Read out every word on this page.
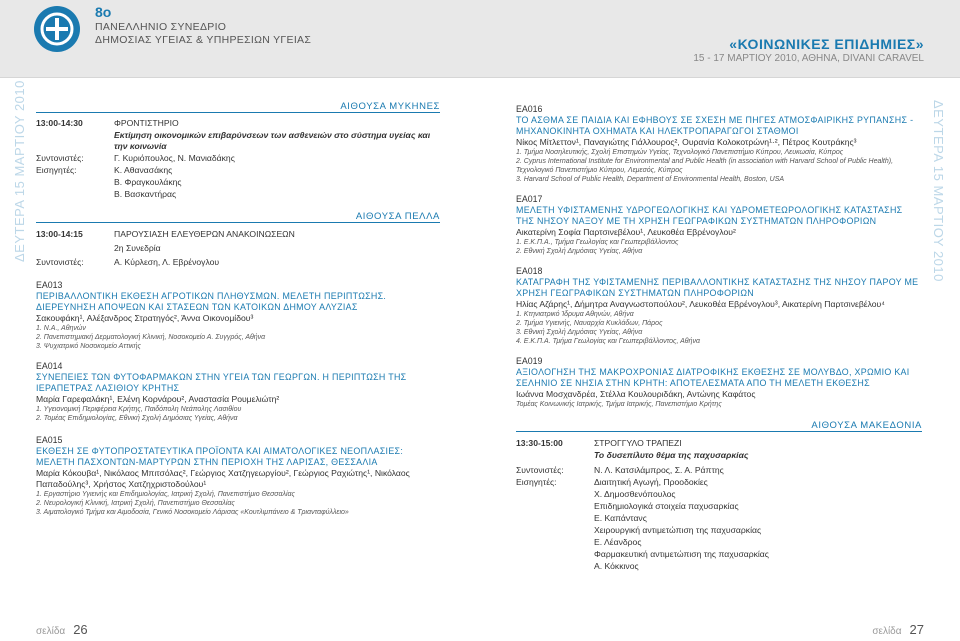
8ο
ΠΑΝΕΛΛΗΝΙΟ ΣΥΝΕΔΡΙΟ
ΔΗΜΟΣΙΑΣ ΥΓΕΙΑΣ & ΥΠΗΡΕΣΙΩΝ ΥΓΕΙΑΣ	«ΚΟΙΝΩΝΙΚΕΣ ΕΠΙΔΗΜΙΕΣ»
15 - 17 ΜΑΡΤΙΟΥ 2010, ΑΘΗΝΑ, DIVANI CARAVEL
ΔΕΥΤΕΡΑ 15 ΜΑΡΤΙΟΥ 2010	ΔΕΥΤΕΡΑ 15 ΜΑΡΤΙΟΥ 2010
ΑΙΘΟΥΣΑ ΜΥΚΗΝΕΣ
13:00-14:30	ΦΡΟΝΤΙΣΤΗΡΙΟ
Εκτίμηση οικονομικών επιβαρύνσεων των ασθενειών στο σύστημα υγείας και την κοινωνία
Συντονιστές:	Γ. Κυριόπουλος, Ν. Μανιαδάκης
Εισηγητές:	Κ. Αθανασάκης
Β. Φραγκουλάκης
Β. Βασκαντήρας
ΑΙΘΟΥΣΑ ΠΕΛΛΑ
13:00-14:15	ΠΑΡΟΥΣΙΑΣΗ ΕΛΕΥΘΕΡΩΝ ΑΝΑΚΟΙΝΩΣΕΩΝ
2η Συνεδρία
Συντονιστές:	Α. Κύρλεση, Λ. Εβρένογλου
ΕΑ013
ΠΕΡΙΒΑΛΛΟΝΤΙΚΗ ΕΚΘΕΣΗ ΑΓΡΟΤΙΚΩΝ ΠΛΗΘΥΣΜΩΝ. ΜΕΛΕΤΗ ΠΕΡΙΠΤΩΣΗΣ. ΔΙΕΡΕΥΝΗΣΗ ΑΠΟΨΕΩΝ ΚΑΙ ΣΤΑΣΕΩΝ ΤΩΝ ΚΑΤΟΙΚΩΝ ΔΗΜΟΥ ΑΛΥΖΙΑΣ
Σακουφάκη¹, Αλέξανδρος Στρατηγός², Άννα Οικονομίδου³
1. Ν.Α., Αθηνών
2. Πανεπιστημιακή Δερματολογική Κλινική, Νοσοκομείο Α. Συγγρός, Αθήνα
3. Ψυχιατρικό Νοσοκομείο Αττικής
ΕΑ014
ΣΥΝΕΠΕΙΕΣ ΤΩΝ ΦΥΤΟΦΑΡΜΑΚΩΝ ΣΤΗΝ ΥΓΕΙΑ ΤΩΝ ΓΕΩΡΓΩΝ. Η ΠΕΡΙΠΤΩΣΗ ΤΗΣ ΙΕΡΑΠΕΤΡΑΣ ΛΑΣΙΘΙΟΥ ΚΡΗΤΗΣ
Μαρία Γαρεφαλάκη¹, Ελένη Κορνάρου², Αναστασία Ρουμελιώτη²
1. Υγειονομική Περιφέρεια Κρήτης, Παιδόπολη Νεάπολης Λασιθίου
2. Τομέας Επιδημιολογίας, Εθνική Σχολή Δημόσιας Υγείας, Αθήνα
ΕΑ015
ΕΚΘΕΣΗ ΣΕ ΦΥΤΟΠΡΟΣΤΑΤΕΥΤΙΚΑ ΠΡΟΪΟΝΤΑ ΚΑΙ ΑΙΜΑΤΟΛΟΓΙΚΕΣ ΝΕΟΠΛΑΣΙΕΣ: ΜΕΛΕΤΗ ΠΑΣΧΟΝΤΩΝ-ΜΑΡΤΥΡΩΝ ΣΤΗΝ ΠΕΡΙΟΧΗ ΤΗΣ ΛΑΡΙΣΑΣ, ΘΕΣΣΑΛΙΑ
Μαρία Κόκουβα¹, Νικόλαος Μπιτσόλας², Γεώργιος Χατζηγεωργίου², Γεώργιος Ραχιώτης¹, Νικόλαος Παπαδούλης³, Χρήστος Χατζηχριστοδούλου¹
1. Εργαστήριο Υγιεινής και Επιδημιολογίας, Ιατρική Σχολή, Πανεπιστήμιο Θεσσαλίας
2. Νευρολογική Κλινική, Ιατρική Σχολή, Πανεπιστήμιο Θεσσαλίας
3. Αιματολογικό Τμήμα και Αιμοδοσία, Γενικό Νοσοκομείο Λάρισας «Κουτλιμπάνειο & Τριανταφύλλειο»
ΕΑ016
ΤΟ ΑΣΘΜΑ ΣΕ ΠΑΙΔΙΑ ΚΑΙ ΕΦΗΒΟΥΣ ΣΕ ΣΧΕΣΗ ΜΕ ΠΗΓΕΣ ΑΤΜΟΣΦΑΙΡΙΚΗΣ ΡΥΠΑΝΣΗΣ - ΜΗΧΑΝΟΚΙΝΗΤΑ ΟΧΗΜΑΤΑ ΚΑΙ ΗΛΕΚΤΡΟΠΑΡΑΓΩΓΟΙ ΣΤΑΘΜΟΙ
Νίκος Μίτλεττον¹, Παναγιώτης Γιάλλουρος², Ουρανία Κολοκοτρώνη¹·², Πέτρος Κουτράκης³
1. Τμήμα Νοσηλευτικής, Σχολή Επιστημών Υγείας, Τεχνολογικό Πανεπιστήμιο Κύπρου, Λευκωσία, Κύπρος
2. Cyprus International Institute for Environmental and Public Health (in association with Harvard School of Public Health), Τεχνολογικό Πανεπιστήμιο Κύπρου, Λεμεσός, Κύπρος
3. Harvard School of Public Health, Department of Environmental Health, Boston, USA
ΕΑ017
ΜΕΛΕΤΗ ΥΦΙΣΤΑΜΕΝΗΣ ΥΔΡΟΓΕΩΛΟΓΙΚΗΣ ΚΑΙ ΥΔΡΟΜΕΤΕΩΡΟΛΟΓΙΚΗΣ ΚΑΤΑΣΤΑΣΗΣ ΤΗΣ ΝΗΣΟΥ ΝΑΞΟΥ ΜΕ ΤΗ ΧΡΗΣΗ ΓΕΩΓΡΑΦΙΚΩΝ ΣΥΣΤΗΜΑΤΩΝ ΠΛΗΡΟΦΟΡΙΩΝ
Αικατερίνη Σοφία Παρτσινεβέλου¹, Λευκοθέα Εβρένογλου²
1. Ε.Κ.Π.Α., Τμήμα Γεωλογίας και Γεωπεριβάλλοντος
2. Εθνική Σχολή Δημόσιας Υγείας, Αθήνα
ΕΑ018
ΚΑΤΑΓΡΑΦΗ ΤΗΣ ΥΦΙΣΤΑΜΕΝΗΣ ΠΕΡΙΒΑΛΛΟΝΤΙΚΗΣ ΚΑΤΑΣΤΑΣΗΣ ΤΗΣ ΝΗΣΟΥ ΠΑΡΟΥ ΜΕ ΧΡΗΣΗ ΓΕΩΓΡΑΦΙΚΩΝ ΣΥΣΤΗΜΑΤΩΝ ΠΛΗΡΟΦΟΡΙΩΝ
Ηλίας Αζάρης¹, Δήμητρα Αναγνωστοπούλου², Λευκοθέα Εβρένογλου³, Αικατερίνη Παρτσινεβέλου⁴
1. Κτηνιατρικό Ίδρυμα Αθηνών, Αθήνα
2. Τμήμα Υγιεινής, Ναυαρχία Κυκλάδων, Πάρος
3. Εθνική Σχολή Δημόσιας Υγείας, Αθήνα
4. Ε.Κ.Π.Α. Τμήμα Γεωλογίας και Γεωπεριβάλλοντος, Αθήνα
ΕΑ019
ΑΞΙΟΛΟΓΗΣΗ ΤΗΣ ΜΑΚΡΟΧΡΟΝΙΑΣ ΔΙΑΤΡΟΦΙΚΗΣ ΕΚΘΕΣΗΣ ΣΕ ΜΟΛΥΒΔΟ, ΧΡΩΜΙΟ ΚΑΙ ΣΕΛΗΝΙΟ ΣΕ ΝΗΣΙΑ ΣΤΗΝ ΚΡΗΤΗ: ΑΠΟΤΕΛΕΣΜΑΤΑ ΑΠΟ ΤΗ ΜΕΛΕΤΗ ΕΚΘΕΣΗΣ
Ιωάννα Μοσχανδρέα, Στέλλα Κουλουριδάκη, Αντώνης Καφάτος
Τομέας Κοινωνικής Ιατρικής, Τμήμα Ιατρικής, Πανεπιστήμιο Κρήτης
ΑΙΘΟΥΣΑ ΜΑΚΕΔΟΝΙΑ
13:30-15:00	ΣΤΡΟΓΓΥΛΟ ΤΡΑΠΕΖΙ
Το δυσεπίλυτο θέμα της παχυσαρκίας
Συντονιστές:	Ν. Λ. Κατσιλάμπρος, Σ. Α. Ράπτης
Εισηγητές:	Διαιτητική Αγωγή, Προοδοκίες
Χ. Δημοσθενόπουλος
Επιδημιολογικά στοιχεία παχυσαρκίας
Ε. Καπάντανς
Χειρουργική αντιμετώπιση της παχυσαρκίας
Ε. Λέανδρος
Φαρμακευτική αντιμετώπιση της παχυσαρκίας
Α. Κόκκινος
σελίδα 26	σελίδα 27
